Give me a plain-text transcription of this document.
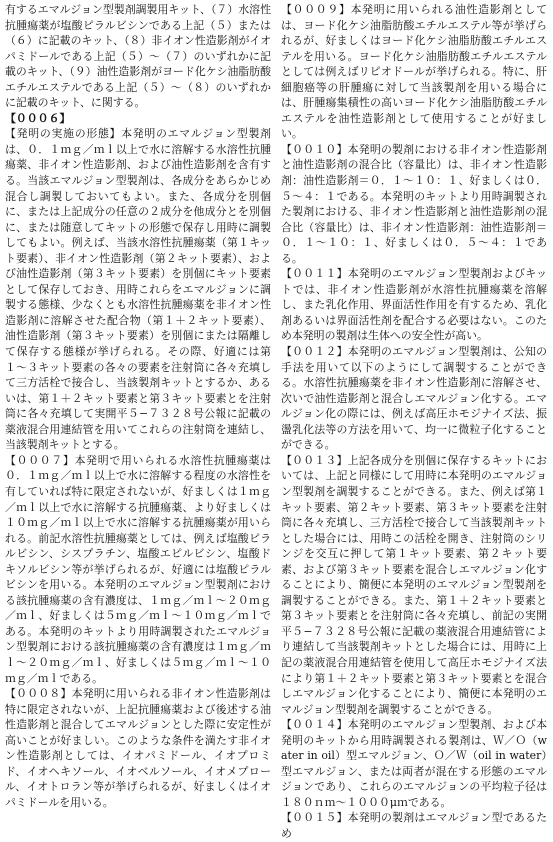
有するエマルジョン型製剤調製用キット、（７）水溶性抗腫瘍薬が塩酸ピラルビシンである上記（５）または（６）に記載のキット、（８）非イオン性造影剤がイオパミドールである上記（５）〜（７）のいずれかに記載のキット、（９）油性造影剤がヨード化ケシ油脂肪酸エチルエステルである上記（５）〜（８）のいずれかに記載のキット、に関する。

【０００６】

【発明の実施の形態】本発明のエマルジョン型製剤は、０．１ｍｇ／ｍｌ以上で水に溶解する水溶性抗腫瘍薬、非イオン性造影剤、および油性造影剤を含有する。当該エマルジョン型製剤は、各成分をあらかじめ混合し調製しておいてもよい。また、各成分を別個に、または上記成分の任意の２成分を他成分とを別個に、または随意してキットの形態で保存し用時に調製してもよい。例えば、当該水溶性抗腫瘍薬（第１キット要素）、非イオン性造影剤（第２キット要素）、および油性造影剤（第３キット要素）を別個にキット要素として保存しておき、用時これらをエマルジョンに調製する態様、少なくとも水溶性抗腫瘍薬を非イオン性造影剤に溶解させた配合物（第１＋２キット要素）、油性造影剤（第３キット要素）を別個にまたは隔離して保存する態様が挙げられる。その際、好適には第１〜３キット要素の各々の要素を注射筒に各々充填して三方活栓で接合し、当該製剤キットとするか、あるいは、第１＋２キット要素と第３キット要素とを注射筒に各々充填して実開平５−７３２８号公報に記載の薬液混合用連結管を用いてこれらの注射筒を連結し、当該製剤キットとする。

【０００７】本発明で用いられる水溶性抗腫瘍薬は０．１ｍｇ／ｍｌ以上で水に溶解する程度の水溶性を有していれば特に限定されないが、好ましくは１ｍｇ／ｍｌ以上で水に溶解する抗腫瘍薬、より好ましくは１０ｍｇ／ｍｌ以上で水に溶解する抗腫瘍薬が用いられる。前記水溶性抗腫瘍薬としては、例えば塩酸ピラルビシン、シスプラチン、塩酸エピルビシン、塩酸ドキソルビシン等が挙げられるが、好適には塩酸ピラルビシンを用いる。本発明のエマルジョン型製剤における該抗腫瘍薬の含有濃度は、１ｍｇ／ｍｌ〜２０ｍｇ／ｍｌ、好ましくは５ｍｇ／ｍｌ〜１０ｍｇ／ｍｌである。本発明のキットより用時調製されたエマルジョン型製剤における該抗腫瘍薬の含有濃度は１ｍｇ／ｍｌ〜２０ｍｇ／ｍｌ、好ましくは５ｍｇ／ｍｌ〜１０ｍｇ／ｍｌである。

【０００８】本発明に用いられる非イオン性造影剤は特に限定されないが、上記抗腫瘍薬および後述する油性造影剤と混合してエマルジョンとした際に安定性が高いことが好ましい。このような条件を満たす非イオン性造影剤としては、イオパミドール、イオプロミド、イオヘキソール、イオベルソール、イオメプロール、イオトロラン等が挙げられるが、好ましくはイオパミドールを用いる。

【０００９】本発明に用いられる油性造影剤としては、ヨード化ケシ油脂肪酸エチルエステル等が挙げられるが、好ましくはヨード化ケシ油脂肪酸エチルエステルを用いる。ヨード化ケシ油脂肪酸エチルエステルとしては例えばリピオドールが挙げられる。特に、肝細胞癌等の肝腫瘍に対して当該製剤を用いる場合には、肝腫瘍集積性の高いヨード化ケシ油脂肪酸エチルエステルを油性造影剤として使用することが好ましい。

【００１０】本発明の製剤における非イオン性造影剤と油性造影剤の混合比（容量比）は、非イオン性造影剤：油性造影剤＝０．１〜１０：１、好ましくは０．５〜４：１である。本発明のキットより用時調製された製剤における、非イオン性造影剤と油性造影剤の混合比（容量比）は、非イオン性造影剤：油性造影剤＝０．１〜１０：１、好ましくは０．５〜４：１である。

【００１１】本発明のエマルジョン型製剤およびキットでは、非イオン性造影剤が水溶性抗腫瘍薬を溶解し、また乳化作用、界面活性作用を有するため、乳化剤あるいは界面活性剤を配合する必要はない。このため本発明の製剤は生体への安全性が高い。

【００１２】本発明のエマルジョン型製剤は、公知の手法を用いて以下のようにして調製することができる。水溶性抗腫瘍薬を非イオン性造影剤に溶解させ、次いで油性造影剤と混合しエマルジョン化する。エマルジョン化の際には、例えば高圧ホモジナイズ法、振盪乳化法等の方法を用いて、均一に微粒子化することができる。

【００１３】上記各成分を別個に保存するキットにおいては、上記と同様にして用時に本発明のエマルジョン型製剤を調製することができる。また、例えば第１キット要素、第２キット要素、第３キット要素を注射筒に各々充填し、三方活栓で接合して当該製剤キットとした場合には、用時この活栓を開き、注射筒のシリンジを交互に押して第１キット要素、第２キット要素、および第３キット要素を混合しエマルジョン化することにより、簡便に本発明のエマルジョン型製剤を調製することができる。また、第１＋２キット要素と第３キット要素とを注射筒に各々充填し、前記の実開平５−７３２８号公報に記載の薬液混合用連結管により連結して当該製剤キットとした場合には、用時に上記の薬液混合用連結管を使用して高圧ホモジナイズ法により第１＋２キット要素と第３キット要素とを混合しエマルジョン化することにより、簡便に本発明のエマルジョン型製剤を調製することができる。

【００１４】本発明のエマルジョン型製剤、および本発明のキットから用時調製される製剤は、Ｗ／Ｏ（water in oil）型エマルジョン、Ｏ／Ｗ（oil in water）型エマルジョン、または両者が混在する形態のエマルジョンであり、これらのエマルジョンの平均粒子径は１８０ｎｍ〜１０００μｍである。

【００１５】本発明の製剤はエマルジョン型であるため
